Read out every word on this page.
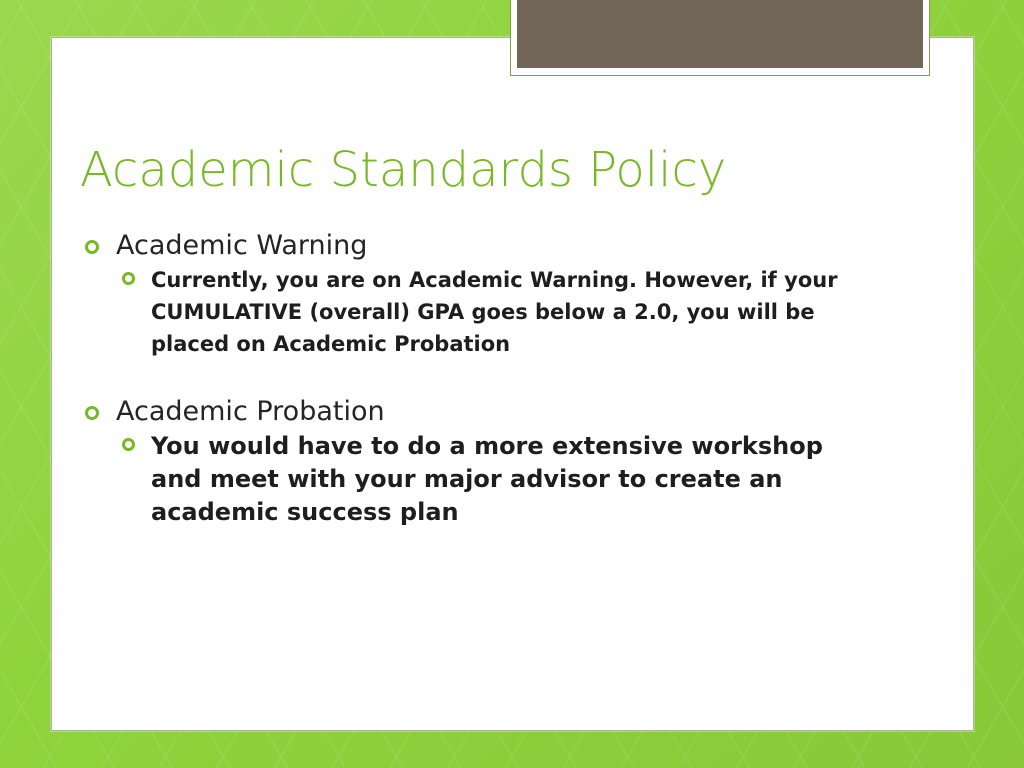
Academic Standards Policy
Academic Warning
Currently, you are on Academic Warning. However, if your CUMULATIVE (overall) GPA goes below a 2.0, you will be placed on Academic Probation
Academic Probation
You would have to do a more extensive workshop and meet with your major advisor to create an academic success plan
